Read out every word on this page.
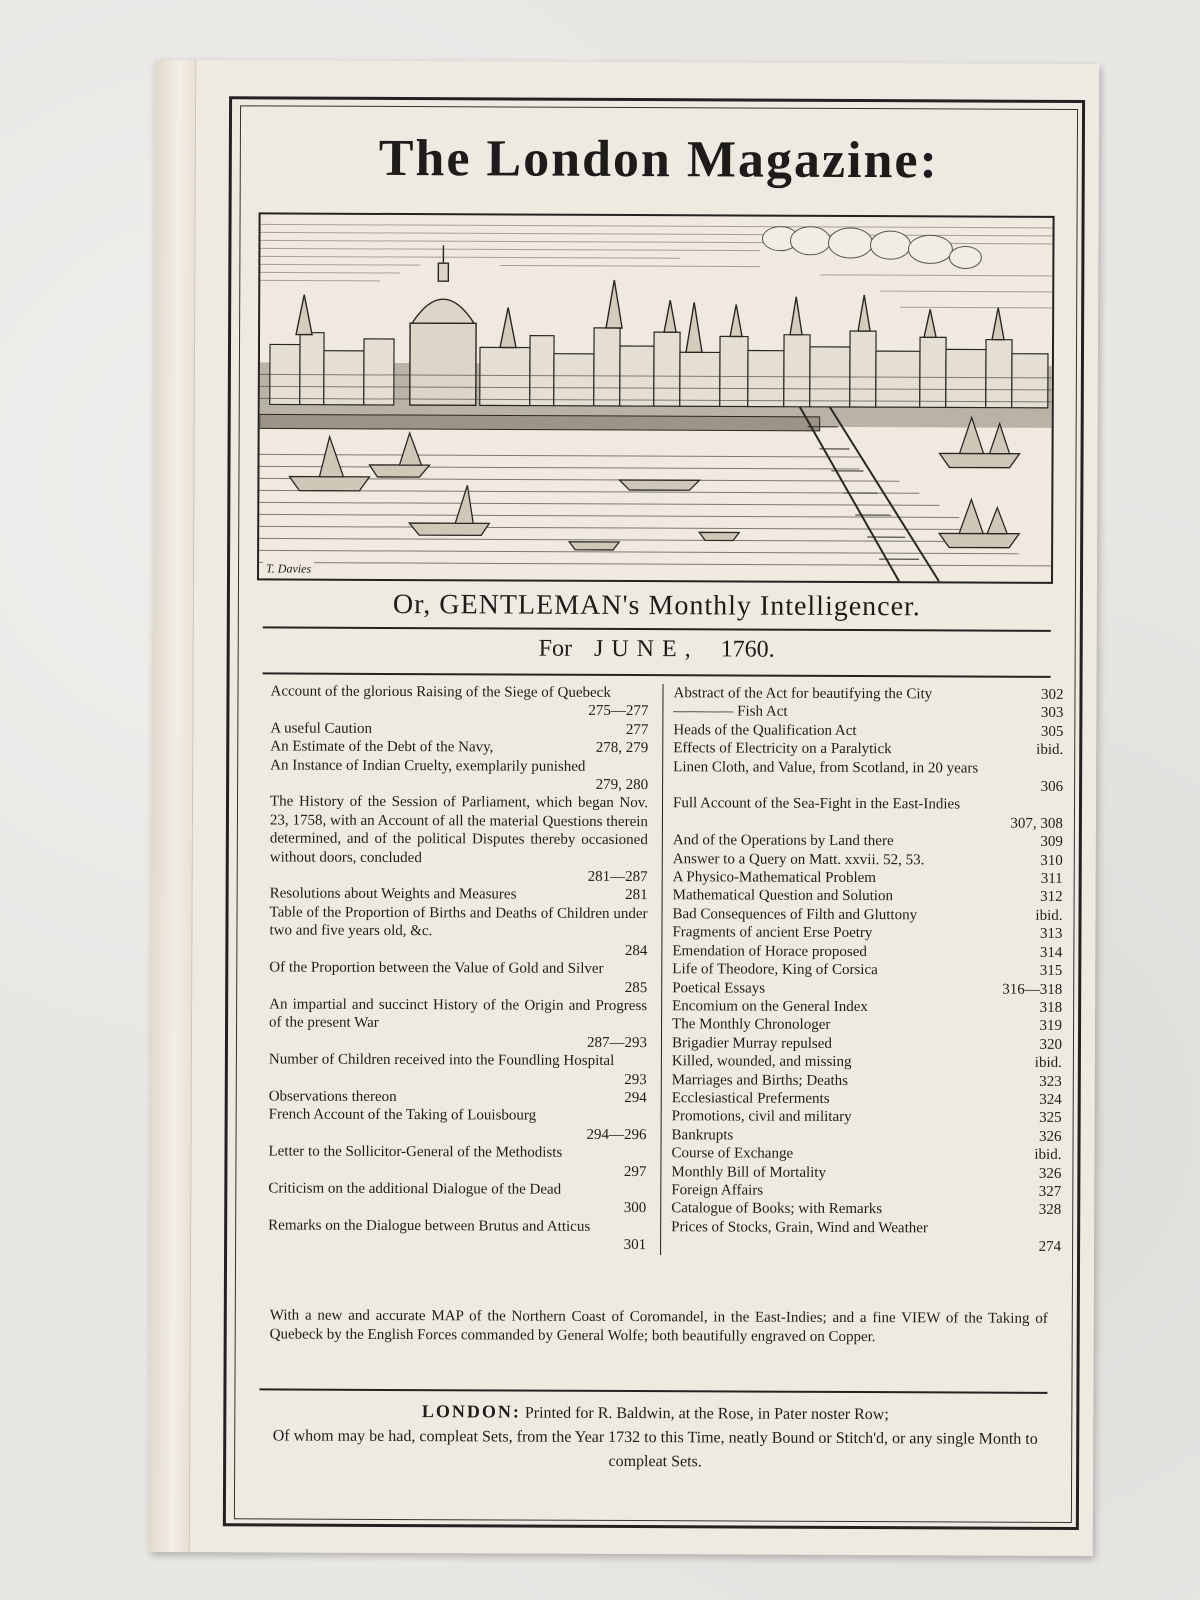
The London Magazine:
T. Davies
Or, GENTLEMAN's Monthly Intelligencer.
For JUNE, 1760.
Account of the glorious Raising of the Siege of Quebeck
275—277
A useful Caution	277
An Estimate of the Debt of the Navy,	278, 279
An Instance of Indian Cruelty, exemplarily punished
279, 280
The History of the Session of Parliament, which began Nov. 23, 1758, with an Account of all the material Questions therein determined, and of the political Disputes thereby occasioned without doors, concluded
281—287
Resolutions about Weights and Measures	281
Table of the Proportion of Births and Deaths of Children under two and five years old, &c.
284
Of the Proportion between the Value of Gold and Silver
285
An impartial and succinct History of the Origin and Progress of the present War
287—293
Number of Children received into the Foundling Hospital
293
Observations thereon	294
French Account of the Taking of Louisbourg
294—296
Letter to the Sollicitor-General of the Methodists
297
Criticism on the additional Dialogue of the Dead
300
Remarks on the Dialogue between Brutus and Atticus
301
Abstract of the Act for beautifying the City	302
———— Fish Act	303
Heads of the Qualification Act	305
Effects of Electricity on a Paralytick	ibid.
Linen Cloth, and Value, from Scotland, in 20 years
306
Full Account of the Sea-Fight in the East-Indies
307, 308
And of the Operations by Land there	309
Answer to a Query on Matt. xxvii. 52, 53.	310
A Physico-Mathematical Problem	311
Mathematical Question and Solution	312
Bad Consequences of Filth and Gluttony	ibid.
Fragments of ancient Erse Poetry	313
Emendation of Horace proposed	314
Life of Theodore, King of Corsica	315
Poetical Essays	316—318
Encomium on the General Index	318
The Monthly Chronologer	319
Brigadier Murray repulsed	320
Killed, wounded, and missing	ibid.
Marriages and Births; Deaths	323
Ecclesiastical Preferments	324
Promotions, civil and military	325
Bankrupts	326
Course of Exchange	ibid.
Monthly Bill of Mortality	326
Foreign Affairs	327
Catalogue of Books; with Remarks	328
Prices of Stocks, Grain, Wind and Weather
274
With a new and accurate MAP of the Northern Coast of Coromandel, in the East-Indies; and a fine VIEW of the Taking of Quebeck by the English Forces commanded by General Wolfe; both beautifully engraved on Copper.
LONDON: Printed for R. Baldwin, at the Rose, in Pater noster Row;
Of whom may be had, compleat Sets, from the Year 1732 to this Time, neatly Bound or Stitch'd, or any single Month to compleat Sets.
